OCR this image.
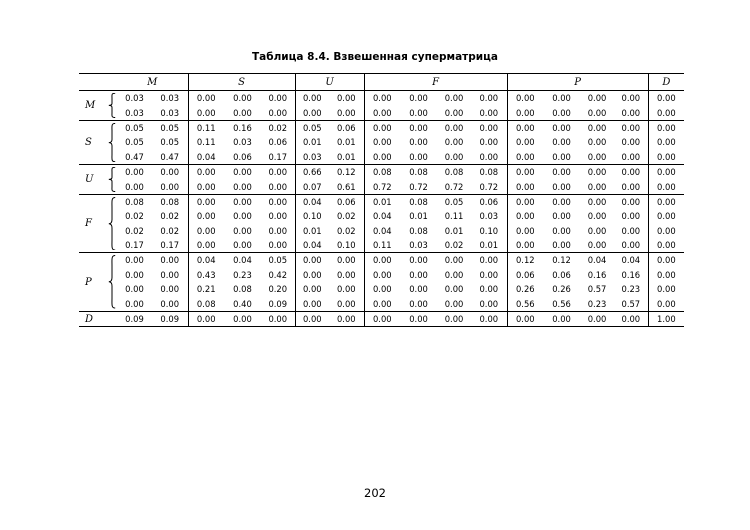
Таблица 8.4. Взвешенная суперматрица
	M		S			U		F				P				D
M	0.03	0.03	0.00	0.00	0.00	0.00	0.00	0.00	0.00	0.00	0.00	0.00	0.00	0.00	0.00	0.00
	0.03	0.03	0.00	0.00	0.00	0.00	0.00	0.00	0.00	0.00	0.00	0.00	0.00	0.00	0.00	0.00
S	0.05	0.05	0.11	0.16	0.02	0.05	0.06	0.00	0.00	0.00	0.00	0.00	0.00	0.00	0.00	0.00
	0.05	0.05	0.11	0.03	0.06	0.01	0.01	0.00	0.00	0.00	0.00	0.00	0.00	0.00	0.00	0.00
	0.47	0.47	0.04	0.06	0.17	0.03	0.01	0.00	0.00	0.00	0.00	0.00	0.00	0.00	0.00	0.00
U	0.00	0.00	0.00	0.00	0.00	0.66	0.12	0.08	0.08	0.08	0.08	0.00	0.00	0.00	0.00	0.00
	0.00	0.00	0.00	0.00	0.00	0.07	0.61	0.72	0.72	0.72	0.72	0.00	0.00	0.00	0.00	0.00
F	0.08	0.08	0.00	0.00	0.00	0.04	0.06	0.01	0.08	0.05	0.06	0.00	0.00	0.00	0.00	0.00
	0.02	0.02	0.00	0.00	0.00	0.10	0.02	0.04	0.01	0.11	0.03	0.00	0.00	0.00	0.00	0.00
	0.02	0.02	0.00	0.00	0.00	0.01	0.02	0.04	0.08	0.01	0.10	0.00	0.00	0.00	0.00	0.00
	0.17	0.17	0.00	0.00	0.00	0.04	0.10	0.11	0.03	0.02	0.01	0.00	0.00	0.00	0.00	0.00
P	0.00	0.00	0.04	0.04	0.05	0.00	0.00	0.00	0.00	0.00	0.00	0.12	0.12	0.04	0.04	0.00
	0.00	0.00	0.43	0.23	0.42	0.00	0.00	0.00	0.00	0.00	0.00	0.06	0.06	0.16	0.16	0.00
	0.00	0.00	0.21	0.08	0.20	0.00	0.00	0.00	0.00	0.00	0.00	0.26	0.26	0.57	0.23	0.00
	0.00	0.00	0.08	0.40	0.09	0.00	0.00	0.00	0.00	0.00	0.00	0.56	0.56	0.23	0.57	0.00
D	0.09	0.09	0.00	0.00	0.00	0.00	0.00	0.00	0.00	0.00	0.00	0.00	0.00	0.00	0.00	1.00
202
